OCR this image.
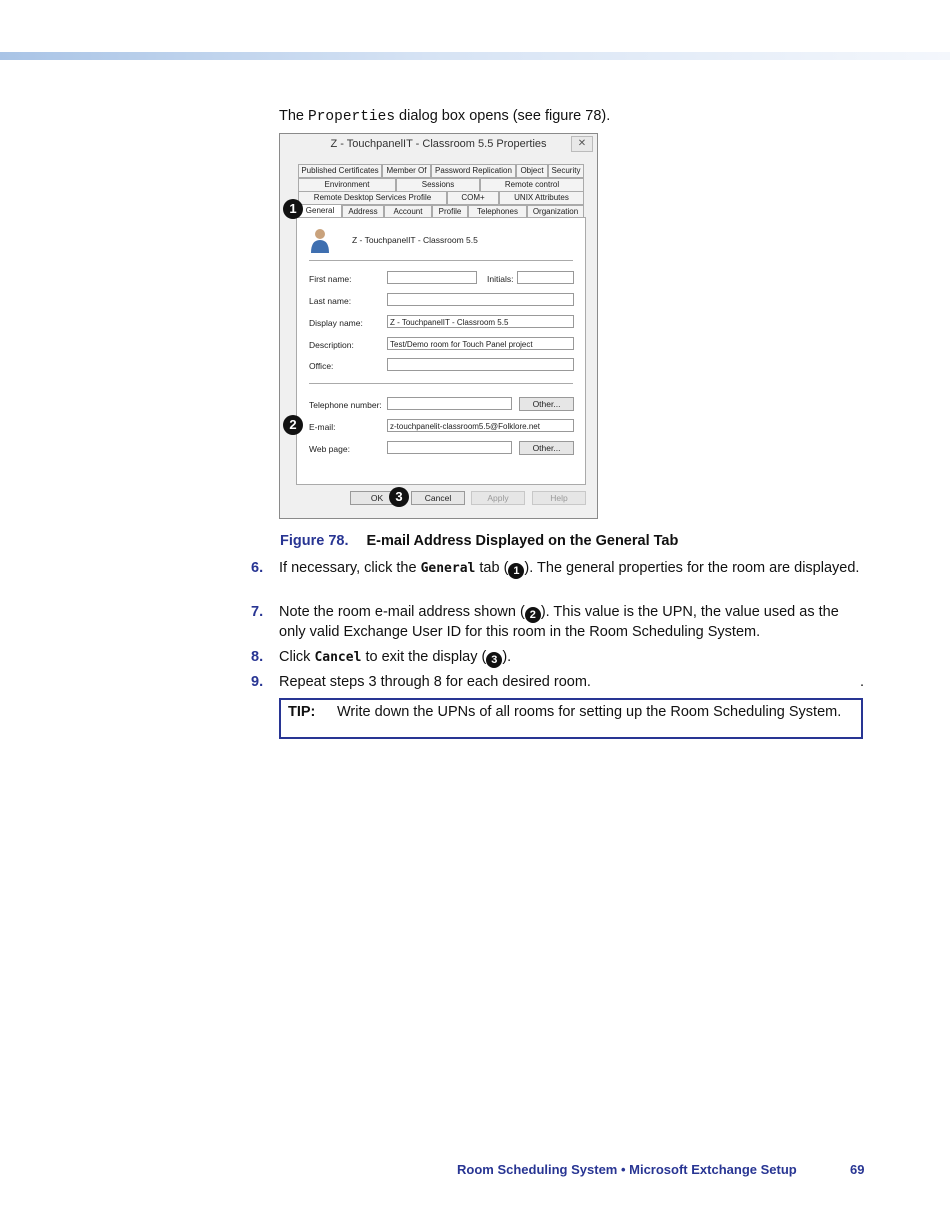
The Properties dialog box opens (see figure 78).
Z - TouchpanelIT - Classroom 5.5 Properties	✕
Published Certificates Member Of	Password Replication	Object Security
Environment	Sessions	Remote control
Remote Desktop Services Profile	COM+	UNIX Attributes
General	Address	Account	Profile	Telephones	Organization
Z - TouchpanelIT - Classroom 5.5
First name:	Initials:
Last name:
Display name:	Z - TouchpanelIT - Classroom 5.5
Description:	Test/Demo room for Touch Panel project
Office:
Telephone number:	Other...
E-mail:	z-touchpanelit-classroom5.5@Folklore.net
Web page:	Other...
OK	Cancel	Apply	Help
1
2
3
Figure 78. E-mail Address Displayed on the General Tab
6. If necessary, click the General tab ( 1 ). The general properties for the room are displayed.
7. Note the room e-mail address shown ( 2 ). This value is the UPN, the value used as the only valid Exchange User ID for this room in the Room Scheduling System.
8. Click Cancel to exit the display ( 3 ).
9. Repeat steps 3 through 8 for each desired room.	.
TIP:	Write down the UPNs of all rooms for setting up the Room Scheduling System.
Room Scheduling System • Microsoft Extchange Setup	69
